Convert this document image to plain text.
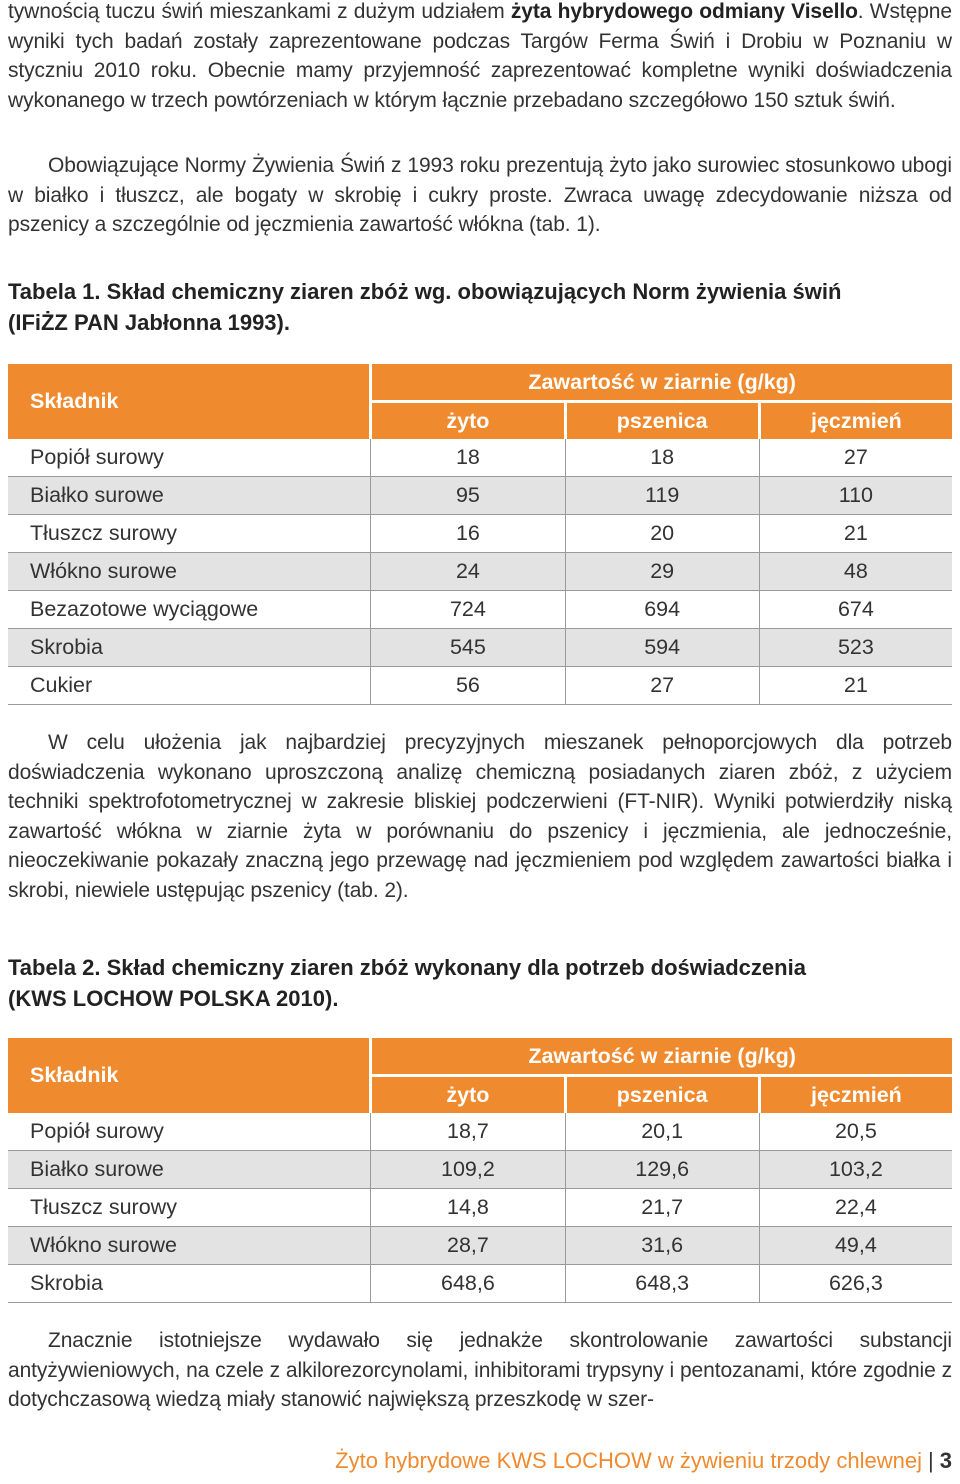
tywnością tuczu świń mieszankami z dużym udziałem żyta hybrydowego odmiany Visello. Wstępne wyniki tych badań zostały zaprezentowane podczas Targów Ferma Świń i Drobiu w Poznaniu w styczniu 2010 roku. Obecnie mamy przyjemność zaprezentować kompletne wyniki doświadczenia wykonanego w trzech powtórzeniach w którym łącznie przebadano szczegółowo 150 sztuk świń.

Obowiązujące Normy Żywienia Świń z 1993 roku prezentują żyto jako surowiec stosunkowo ubogi w białko i tłuszcz, ale bogaty w skrobię i cukry proste. Zwraca uwagę zdecydowanie niższa od pszenicy a szczególnie od jęczmienia zawartość włókna (tab. 1).

Tabela 1. Skład chemiczny ziaren zbóż wg. obowiązujących Norm żywienia świń
(IFiŻZ PAN Jabłonna 1993).
Składnik	Zawartość w ziarnie (g/kg)		
	żyto	pszenica	jęczmień
Popiół surowy	18	18	27
Białko surowe	95	119	110
Tłuszcz surowy	16	20	21
Włókno surowe	24	29	48
Bezazotowe wyciągowe	724	694	674
Skrobia	545	594	523
Cukier	56	27	21

W celu ułożenia jak najbardziej precyzyjnych mieszanek pełnoporcjowych dla potrzeb doświadczenia wykonano uproszczoną analizę chemiczną posiadanych ziaren zbóż, z użyciem techniki spektrofotometrycznej w zakresie bliskiej podczerwieni (FT-NIR). Wyniki potwierdziły niską zawartość włókna w ziarnie żyta w porównaniu do pszenicy i jęczmienia, ale jednocześnie, nieoczekiwanie pokazały znaczną jego przewagę nad jęczmieniem pod względem zawartości białka i skrobi, niewiele ustępując pszenicy (tab. 2).

Tabela 2. Skład chemiczny ziaren zbóż wykonany dla potrzeb doświadczenia
(KWS LOCHOW POLSKA 2010).
Składnik	Zawartość w ziarnie (g/kg)		
	żyto	pszenica	jęczmień
Popiół surowy	18,7	20,1	20,5
Białko surowe	109,2	129,6	103,2
Tłuszcz surowy	14,8	21,7	22,4
Włókno surowe	28,7	31,6	49,4
Skrobia	648,6	648,3	626,3

Znacznie istotniejsze wydawało się jednakże skontrolowanie zawartości substancji antyżywieniowych, na czele z alkilorezorcynolami, inhibitorami trypsyny i pentozanami, które zgodnie z dotychczasową wiedzą miały stanowić największą przeszkodę w szer-

Żyto hybrydowe KWS LOCHOW w żywieniu trzody chlewnej | 3
